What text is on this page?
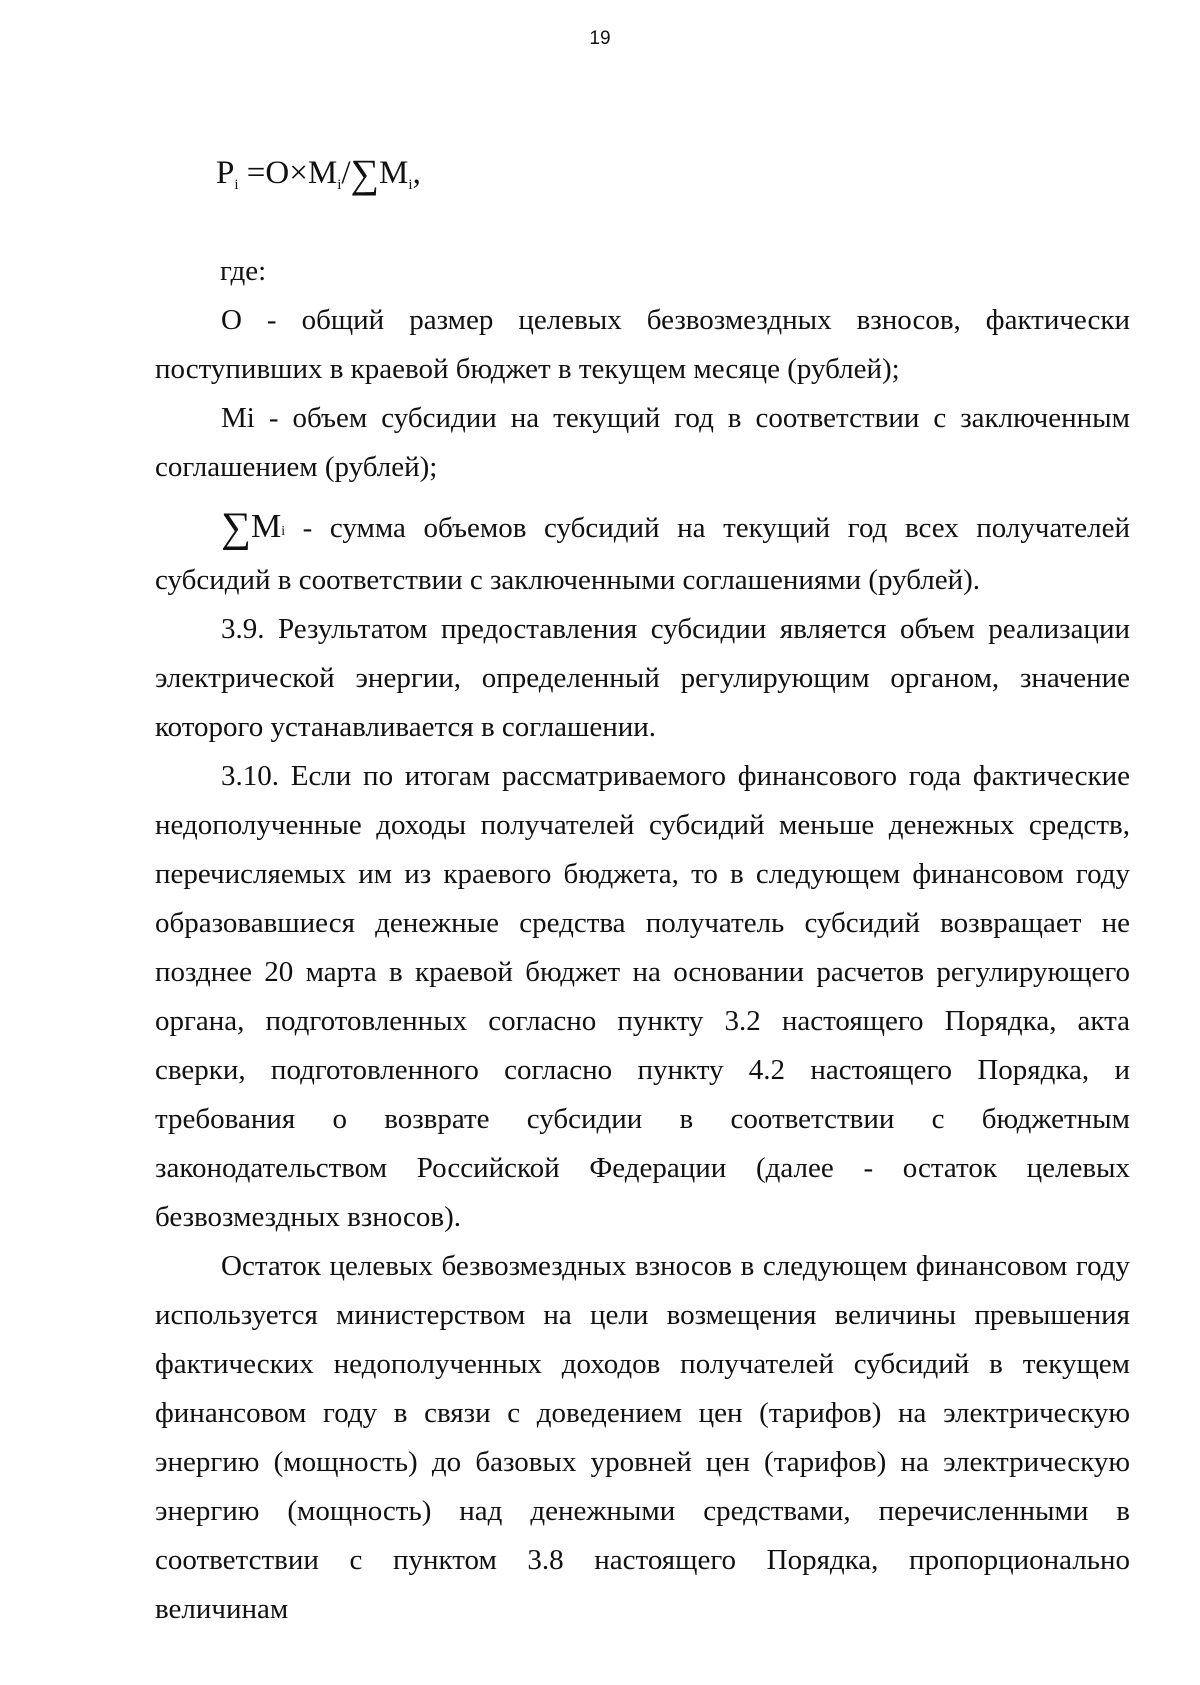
19
$P_i =O\times M_i/\sum M_i$,
где:

О - общий размер целевых безвозмездных взносов, фактически поступивших в краевой бюджет в текущем месяце (рублей);

Mi - объем субсидии на текущий год в соответствии с заключенным соглашением (рублей);

$\sum M_i$ - сумма объемов субсидий на текущий год всех получателей субсидий в соответствии с заключенными соглашениями (рублей).

3.9. Результатом предоставления субсидии является объем реализации электрической энергии, определенный регулирующим органом, значение которого устанавливается в соглашении.

3.10. Если по итогам рассматриваемого финансового года фактические недополученные доходы получателей субсидий меньше денежных средств, перечисляемых им из краевого бюджета, то в следующем финансовом году образовавшиеся денежные средства получатель субсидий возвращает не позднее 20 марта в краевой бюджет на основании расчетов регулирующего органа, подготовленных согласно пункту 3.2 настоящего Порядка, акта сверки, подготовленного согласно пункту 4.2 настоящего Порядка, и требования о возврате субсидии в соответствии с бюджетным законодательством Российской Федерации (далее - остаток целевых безвозмездных взносов).

Остаток целевых безвозмездных взносов в следующем финансовом году используется министерством на цели возмещения величины превышения фактических недополученных доходов получателей субсидий в текущем финансовом году в связи с доведением цен (тарифов) на электрическую энергию (мощность) до базовых уровней цен (тарифов) на электрическую энергию (мощность) над денежными средствами, перечисленными в соответствии с пунктом 3.8 настоящего Порядка, пропорционально величинам
